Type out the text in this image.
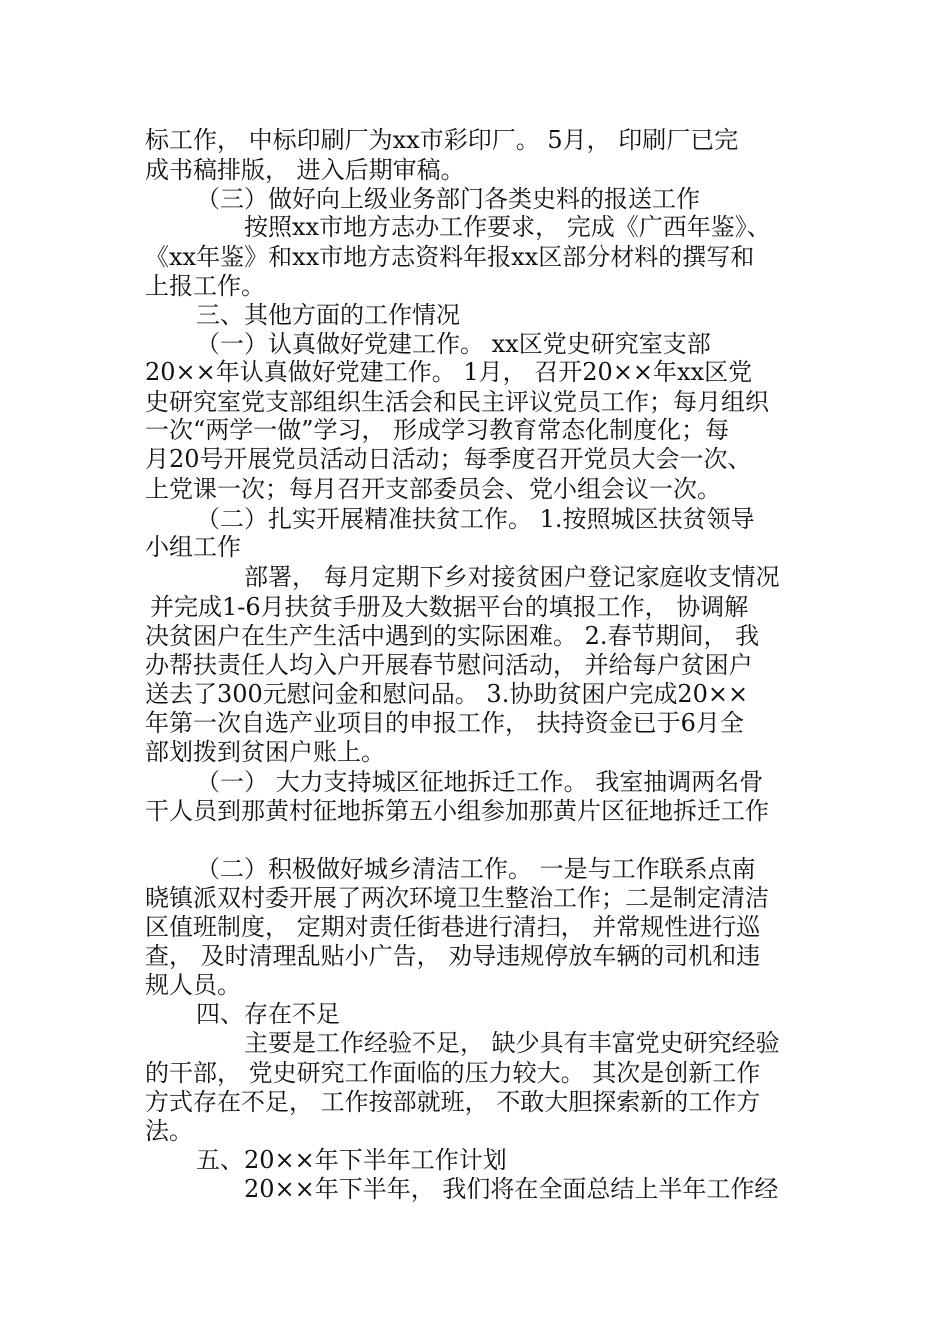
标工作， 中标印刷厂为xx市彩印厂。 5月， 印刷厂已完
成书稿排版， 进入后期审稿。
（三）做好向上级业务部门各类史料的报送工作
按照xx市地方志办工作要求， 完成《广西年鉴》、
《xx年鉴》和xx市地方志资料年报xx区部分材料的撰写和
上报工作。
三、其他方面的工作情况
（一）认真做好党建工作。 xx区党史研究室支部
20××年认真做好党建工作。 1月， 召开20××年xx区党
史研究室党支部组织生活会和民主评议党员工作；每月组织
一次“两学一做”学习， 形成学习教育常态化制度化；每
月20号开展党员活动日活动；每季度召开党员大会一次、
上党课一次；每月召开支部委员会、党小组会议一次。
（二）扎实开展精准扶贫工作。 1.按照城区扶贫领导
小组工作
部署， 每月定期下乡对接贫困户登记家庭收支情况
并完成1-6月扶贫手册及大数据平台的填报工作， 协调解
决贫困户在生产生活中遇到的实际困难。 2.春节期间， 我
办帮扶责任人均入户开展春节慰问活动， 并给每户贫困户
送去了300元慰问金和慰问品。 3.协助贫困户完成20××
年第一次自选产业项目的申报工作， 扶持资金已于6月全
部划拨到贫困户账上。
（一） 大力支持城区征地拆迁工作。 我室抽调两名骨
干人员到那黄村征地拆第五小组参加那黄片区征地拆迁工作
（二）积极做好城乡清洁工作。 一是与工作联系点南
晓镇派双村委开展了两次环境卫生整治工作；二是制定清洁
区值班制度， 定期对责任街巷进行清扫， 并常规性进行巡
查， 及时清理乱贴小广告， 劝导违规停放车辆的司机和违
规人员。
四、存在不足
主要是工作经验不足， 缺少具有丰富党史研究经验
的干部， 党史研究工作面临的压力较大。 其次是创新工作
方式存在不足， 工作按部就班， 不敢大胆探索新的工作方
法。
五、20××年下半年工作计划
20××年下半年， 我们将在全面总结上半年工作经
